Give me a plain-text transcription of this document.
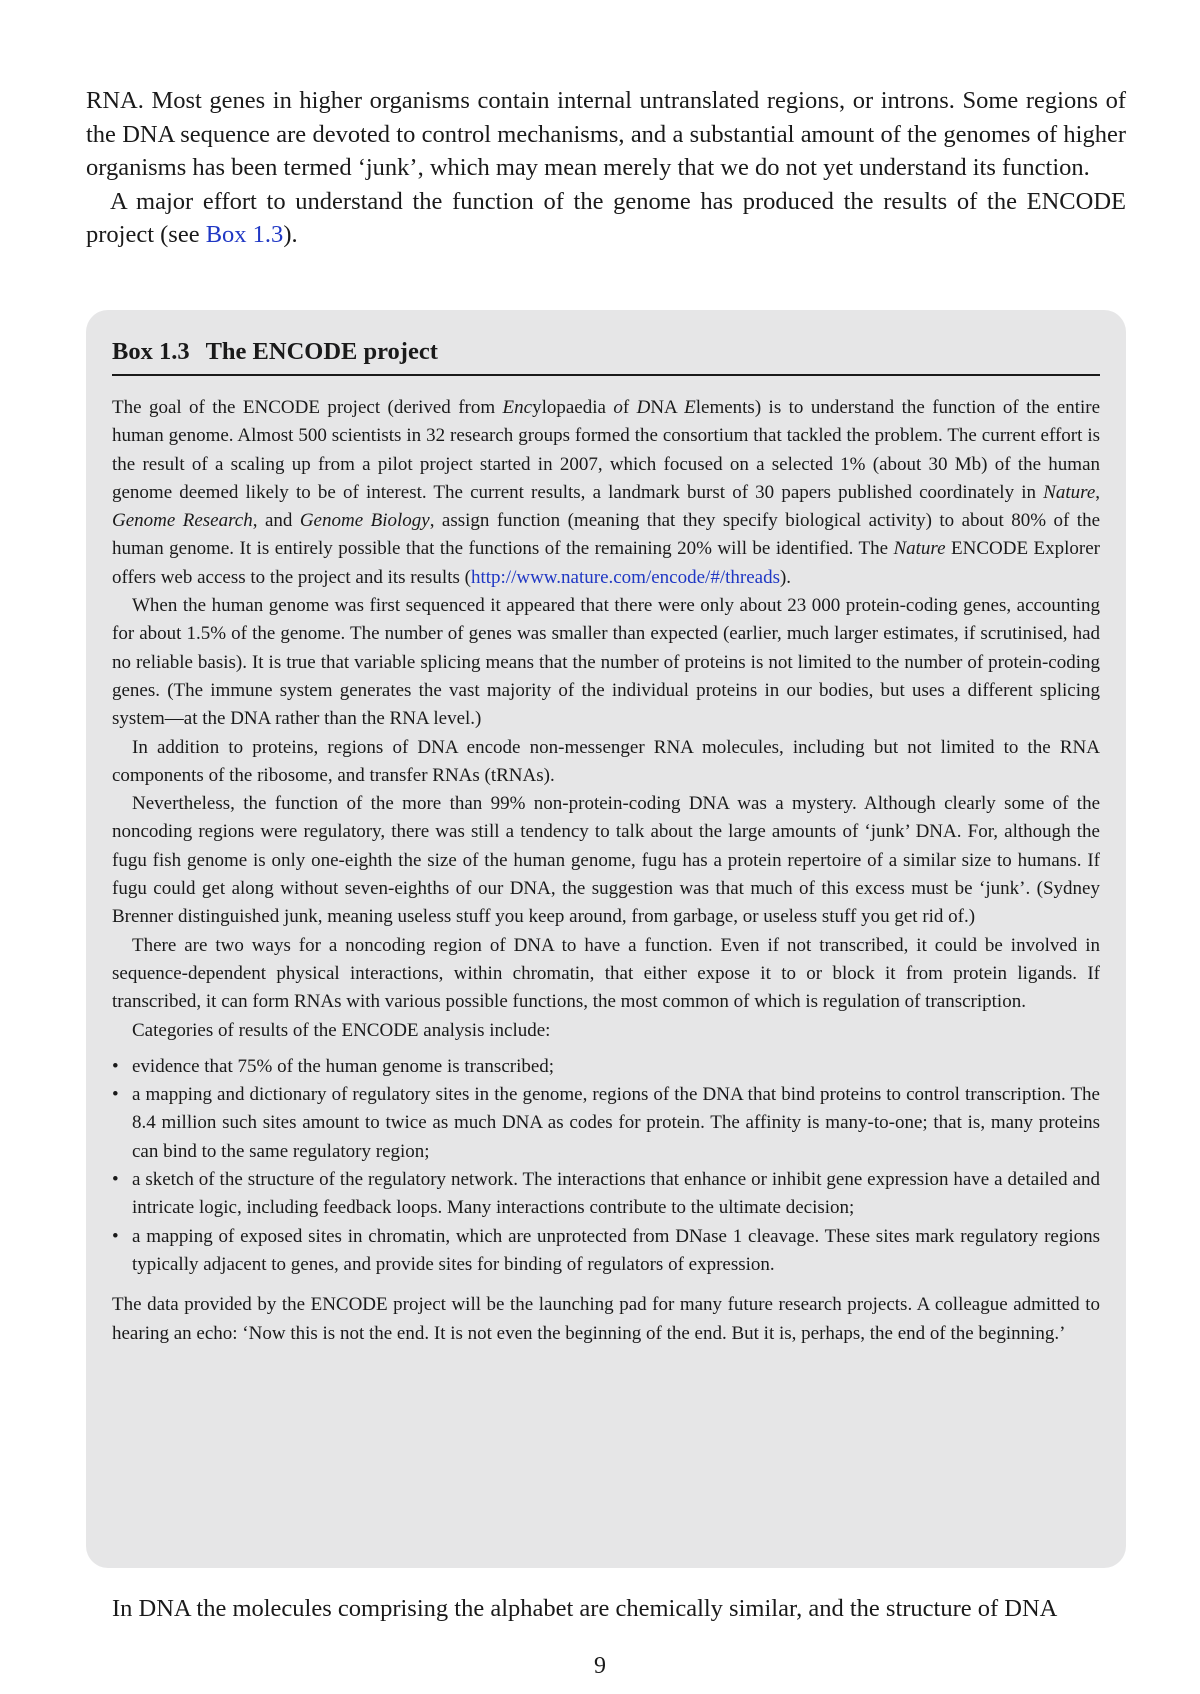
RNA. Most genes in higher organisms contain internal untranslated regions, or introns. Some regions of the DNA sequence are devoted to control mechanisms, and a substantial amount of the genomes of higher organisms has been termed ‘junk’, which may mean merely that we do not yet understand its function.

A major effort to understand the function of the genome has produced the results of the ENCODE project (see Box 1.3).

Box 1.3 The ENCODE project

The goal of the ENCODE project (derived from Encylopaedia of DNA Elements) is to understand the function of the entire human genome. Almost 500 scientists in 32 research groups formed the consortium that tackled the problem. The current effort is the result of a scaling up from a pilot project started in 2007, which focused on a selected 1% (about 30 Mb) of the human genome deemed likely to be of interest. The current results, a landmark burst of 30 papers published coordinately in Nature, Genome Research, and Genome Biology, assign function (meaning that they specify biological activity) to about 80% of the human genome. It is entirely possible that the functions of the remaining 20% will be identified. The Nature ENCODE Explorer offers web access to the project and its results (http://www.nature.com/encode/#/threads).

When the human genome was first sequenced it appeared that there were only about 23 000 protein-coding genes, accounting for about 1.5% of the genome. The number of genes was smaller than expected (earlier, much larger estimates, if scrutinised, had no reliable basis). It is true that variable splicing means that the number of proteins is not limited to the number of protein-coding genes. (The immune system generates the vast majority of the individual proteins in our bodies, but uses a different splicing system—at the DNA rather than the RNA level.)

In addition to proteins, regions of DNA encode non-messenger RNA molecules, including but not limited to the RNA components of the ribosome, and transfer RNAs (tRNAs).

Nevertheless, the function of the more than 99% non-protein-coding DNA was a mystery. Although clearly some of the noncoding regions were regulatory, there was still a tendency to talk about the large amounts of ‘junk’ DNA. For, although the fugu fish genome is only one-eighth the size of the human genome, fugu has a protein repertoire of a similar size to humans. If fugu could get along without seven-eighths of our DNA, the suggestion was that much of this excess must be ‘junk’. (Sydney Brenner distinguished junk, meaning useless stuff you keep around, from garbage, or useless stuff you get rid of.)

There are two ways for a noncoding region of DNA to have a function. Even if not transcribed, it could be involved in sequence-dependent physical interactions, within chromatin, that either expose it to or block it from protein ligands. If transcribed, it can form RNAs with various possible functions, the most common of which is regulation of transcription.

Categories of results of the ENCODE analysis include:

• evidence that 75% of the human genome is transcribed;
• a mapping and dictionary of regulatory sites in the genome, regions of the DNA that bind proteins to control transcription. The 8.4 million such sites amount to twice as much DNA as codes for protein. The affinity is many-to-one; that is, many proteins can bind to the same regulatory region;
• a sketch of the structure of the regulatory network. The interactions that enhance or inhibit gene expression have a detailed and intricate logic, including feedback loops. Many interactions contribute to the ultimate decision;
• a mapping of exposed sites in chromatin, which are unprotected from DNase 1 cleavage. These sites mark regulatory regions typically adjacent to genes, and provide sites for binding of regulators of expression.

The data provided by the ENCODE project will be the launching pad for many future research projects. A colleague admitted to hearing an echo: ‘Now this is not the end. It is not even the beginning of the end. But it is, perhaps, the end of the beginning.’

In DNA the molecules comprising the alphabet are chemically similar, and the structure of DNA

9
